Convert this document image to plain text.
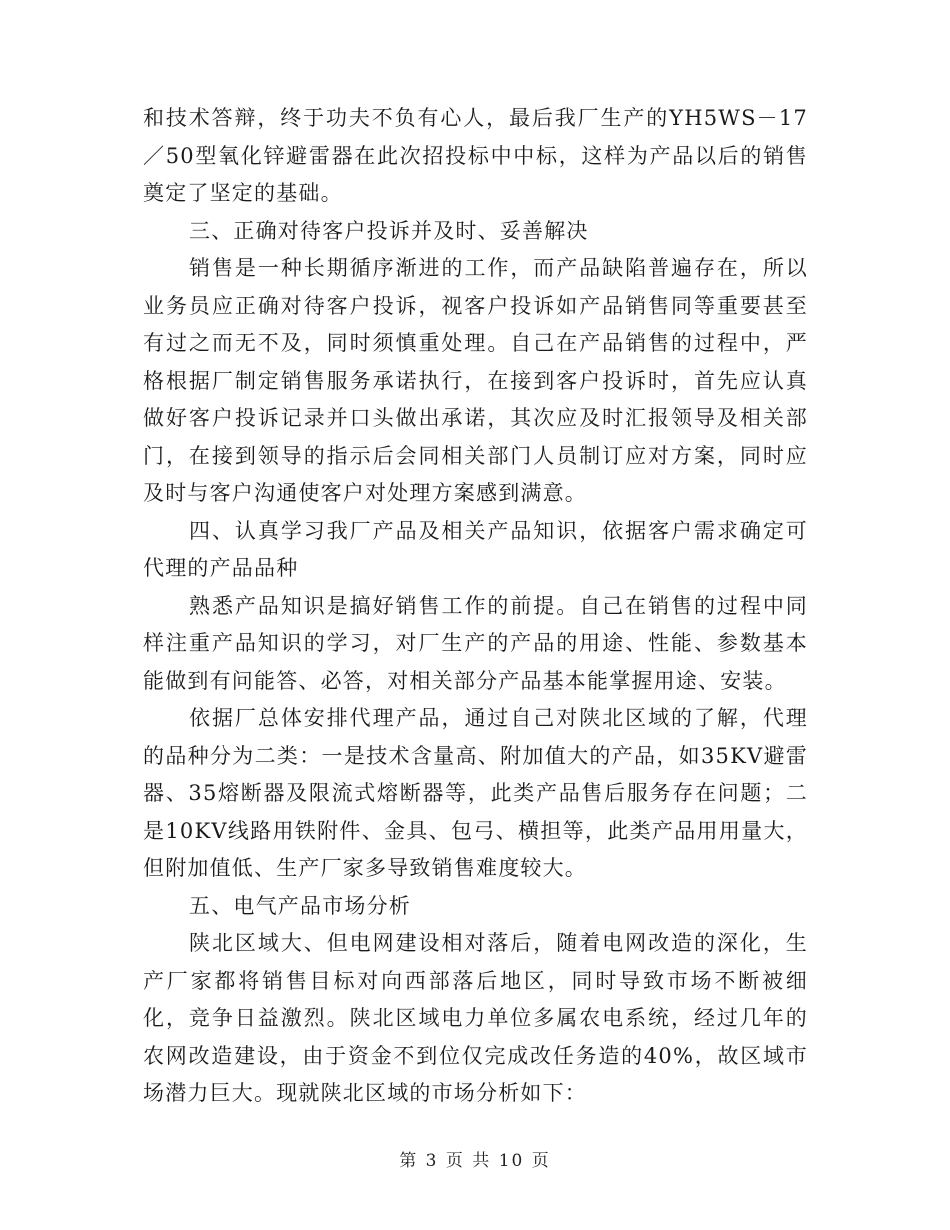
和技术答辩，终于功夫不负有心人，最后我厂生产的YH5WS－17／50型氧化锌避雷器在此次招投标中中标，这样为产品以后的销售奠定了坚定的基础。

三、正确对待客户投诉并及时、妥善解决

销售是一种长期循序渐进的工作，而产品缺陷普遍存在，所以业务员应正确对待客户投诉，视客户投诉如产品销售同等重要甚至有过之而无不及，同时须慎重处理。自己在产品销售的过程中，严格根据厂制定销售服务承诺执行，在接到客户投诉时，首先应认真做好客户投诉记录并口头做出承诺，其次应及时汇报领导及相关部门，在接到领导的指示后会同相关部门人员制订应对方案，同时应及时与客户沟通使客户对处理方案感到满意。

四、认真学习我厂产品及相关产品知识，依据客户需求确定可代理的产品品种

熟悉产品知识是搞好销售工作的前提。自己在销售的过程中同样注重产品知识的学习，对厂生产的产品的用途、性能、参数基本能做到有问能答、必答，对相关部分产品基本能掌握用途、安装。

依据厂总体安排代理产品，通过自己对陕北区域的了解，代理的品种分为二类：一是技术含量高、附加值大的产品，如35KV避雷器、35熔断器及限流式熔断器等，此类产品售后服务存在问题；二是10KV线路用铁附件、金具、包弓、横担等，此类产品用用量大，但附加值低、生产厂家多导致销售难度较大。

五、电气产品市场分析

陕北区域大、但电网建设相对落后，随着电网改造的深化，生产厂家都将销售目标对向西部落后地区，同时导致市场不断被细化，竞争日益激烈。陕北区域电力单位多属农电系统，经过几年的农网改造建设，由于资金不到位仅完成改任务造的40%，故区域市场潜力巨大。现就陕北区域的市场分析如下：

第 3 页 共 10 页
